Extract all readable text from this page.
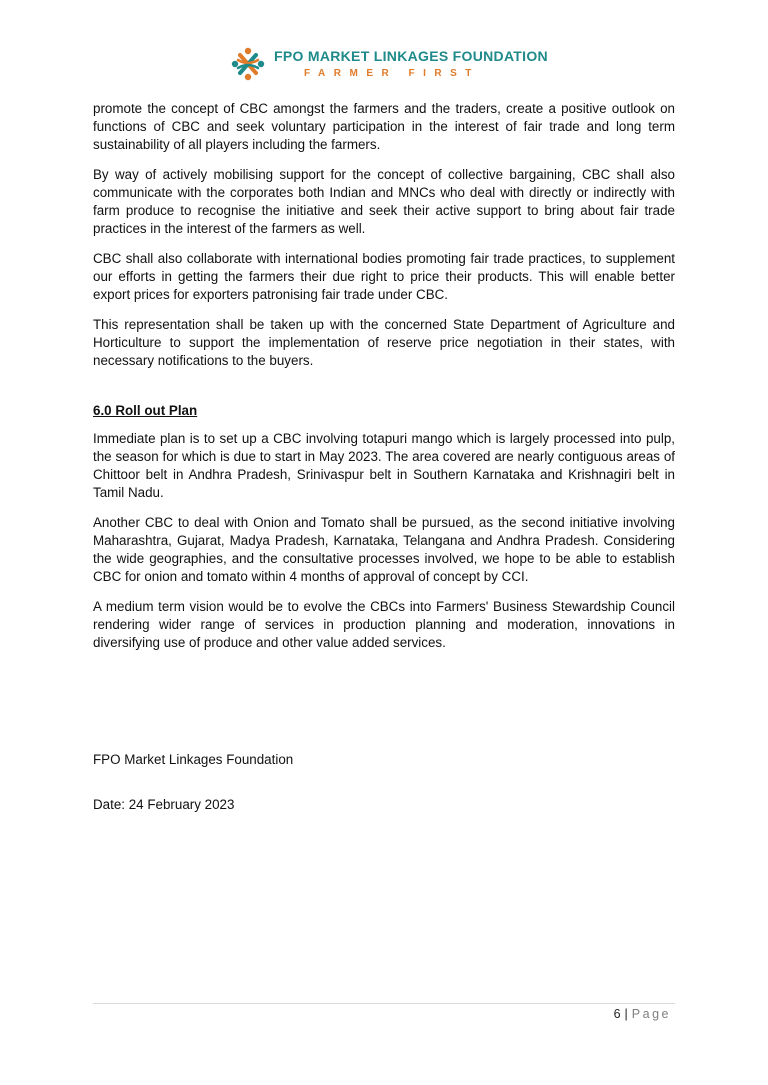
FPO MARKET LINKAGES FOUNDATION
FARMER FIRST

promote the concept of CBC amongst the farmers and the traders, create a positive outlook on functions of CBC and seek voluntary participation in the interest of fair trade and long term sustainability of all players including the farmers.

By way of actively mobilising support for the concept of collective bargaining, CBC shall also communicate with the corporates both Indian and MNCs who deal with directly or indirectly with farm produce to recognise the initiative and seek their active support to bring about fair trade practices in the interest of the farmers as well.

CBC shall also collaborate with international bodies promoting fair trade practices, to supplement our efforts in getting the farmers their due right to price their products. This will enable better export prices for exporters patronising fair trade under CBC.

This representation shall be taken up with the concerned State Department of Agriculture and Horticulture to support the implementation of reserve price negotiation in their states, with necessary notifications to the buyers.

6.0 Roll out Plan

Immediate plan is to set up a CBC involving totapuri mango which is largely processed into pulp, the season for which is due to start in May 2023. The area covered are nearly contiguous areas of Chittoor belt in Andhra Pradesh, Srinivaspur belt in Southern Karnataka and Krishnagiri belt in Tamil Nadu.

Another CBC to deal with Onion and Tomato shall be pursued, as the second initiative involving Maharashtra, Gujarat, Madya Pradesh, Karnataka, Telangana and Andhra Pradesh. Considering the wide geographies, and the consultative processes involved, we hope to be able to establish CBC for onion and tomato within 4 months of approval of concept by CCI.

A medium term vision would be to evolve the CBCs into Farmers' Business Stewardship Council rendering wider range of services in production planning and moderation, innovations in diversifying use of produce and other value added services.

FPO Market Linkages Foundation
Date: 24 February 2023
6 | Page
